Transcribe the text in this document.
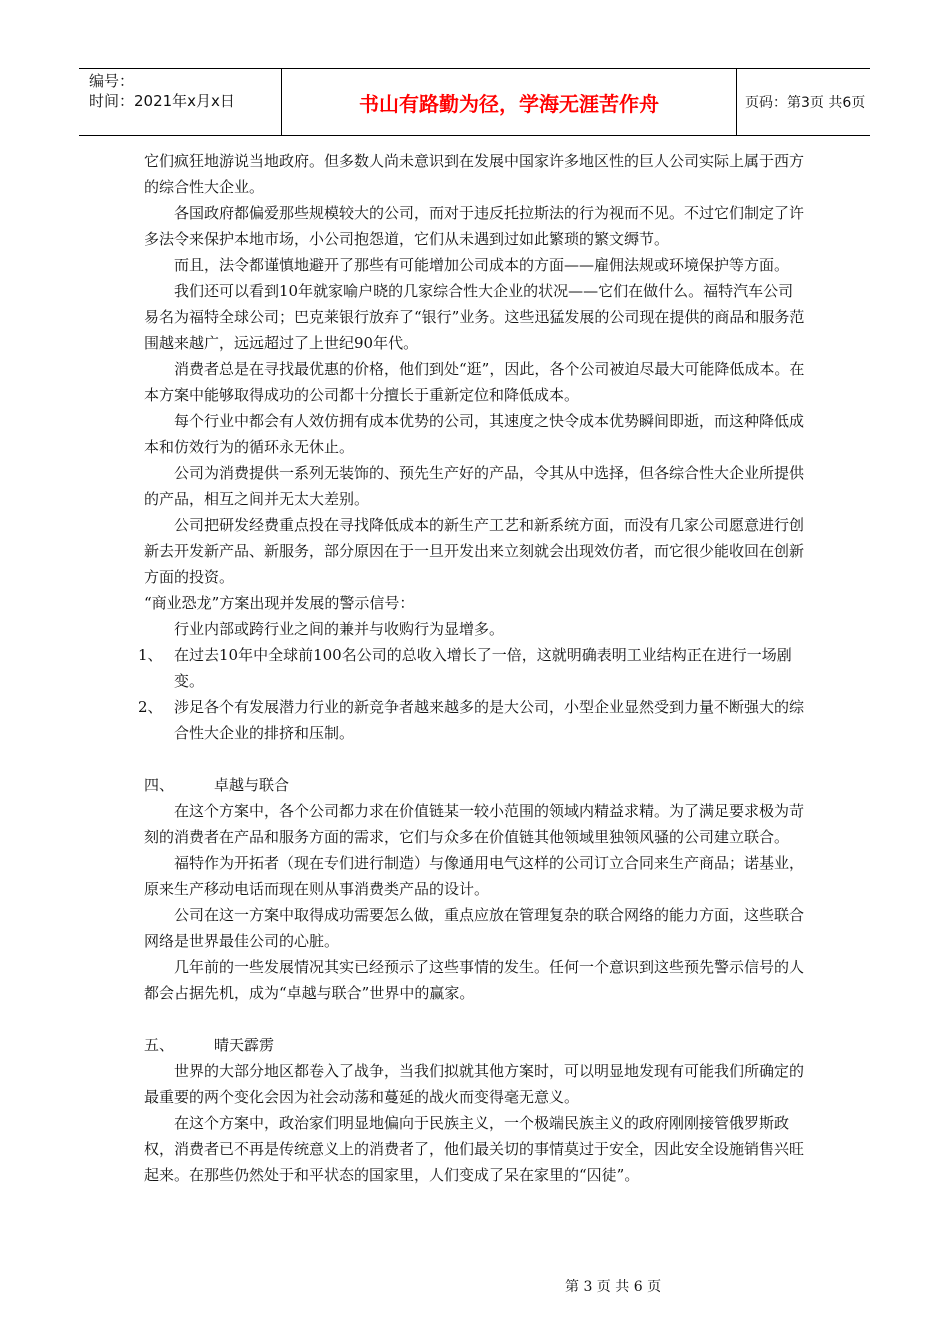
编号：
时间：2021年x月x日	书山有路勤为径，学海无涯苦作舟	页码：第3页 共6页

它们疯狂地游说当地政府。但多数人尚未意识到在发展中国家许多地区性的巨人公司实际上属于西方的综合性大企业。

各国政府都偏爱那些规模较大的公司，而对于违反托拉斯法的行为视而不见。不过它们制定了许多法令来保护本地市场，小公司抱怨道，它们从未遇到过如此繁琐的繁文缛节。

而且，法令都谨慎地避开了那些有可能增加公司成本的方面——雇佣法规或环境保护等方面。

我们还可以看到10年就家喻户晓的几家综合性大企业的状况——它们在做什么。福特汽车公司易名为福特全球公司；巴克莱银行放弃了“银行”业务。这些迅猛发展的公司现在提供的商品和服务范围越来越广，远远超过了上世纪90年代。

消费者总是在寻找最优惠的价格，他们到处“逛”，因此，各个公司被迫尽最大可能降低成本。在本方案中能够取得成功的公司都十分擅长于重新定位和降低成本。

每个行业中都会有人效仿拥有成本优势的公司，其速度之快令成本优势瞬间即逝，而这种降低成本和仿效行为的循环永无休止。

公司为消费提供一系列无装饰的、预先生产好的产品，令其从中选择，但各综合性大企业所提供的产品，相互之间并无太大差别。

公司把研发经费重点投在寻找降低成本的新生产工艺和新系统方面，而没有几家公司愿意进行创新去开发新产品、新服务，部分原因在于一旦开发出来立刻就会出现效仿者，而它很少能收回在创新方面的投资。

“商业恐龙”方案出现并发展的警示信号：

行业内部或跨行业之间的兼并与收购行为显增多。

1、 在过去10年中全球前100名公司的总收入增长了一倍，这就明确表明工业结构正在进行一场剧变。

2、 涉足各个有发展潜力行业的新竞争者越来越多的是大公司，小型企业显然受到力量不断强大的综合性大企业的排挤和压制。

四、	卓越与联合

在这个方案中，各个公司都力求在价值链某一较小范围的领域内精益求精。为了满足要求极为苛刻的消费者在产品和服务方面的需求，它们与众多在价值链其他领域里独领风骚的公司建立联合。

福特作为开拓者（现在专们进行制造）与像通用电气这样的公司订立合同来生产商品；诺基业，原来生产移动电话而现在则从事消费类产品的设计。

公司在这一方案中取得成功需要怎么做，重点应放在管理复杂的联合网络的能力方面，这些联合网络是世界最佳公司的心脏。

几年前的一些发展情况其实已经预示了这些事情的发生。任何一个意识到这些预先警示信号的人都会占据先机，成为“卓越与联合”世界中的赢家。

五、	晴天霹雳

世界的大部分地区都卷入了战争，当我们拟就其他方案时，可以明显地发现有可能我们所确定的最重要的两个变化会因为社会动荡和蔓延的战火而变得毫无意义。

在这个方案中，政治家们明显地偏向于民族主义，一个极端民族主义的政府刚刚接管俄罗斯政权，消费者已不再是传统意义上的消费者了，他们最关切的事情莫过于安全，因此安全设施销售兴旺起来。在那些仍然处于和平状态的国家里，人们变成了呆在家里的“囚徒”。

第 3 页 共 6 页
